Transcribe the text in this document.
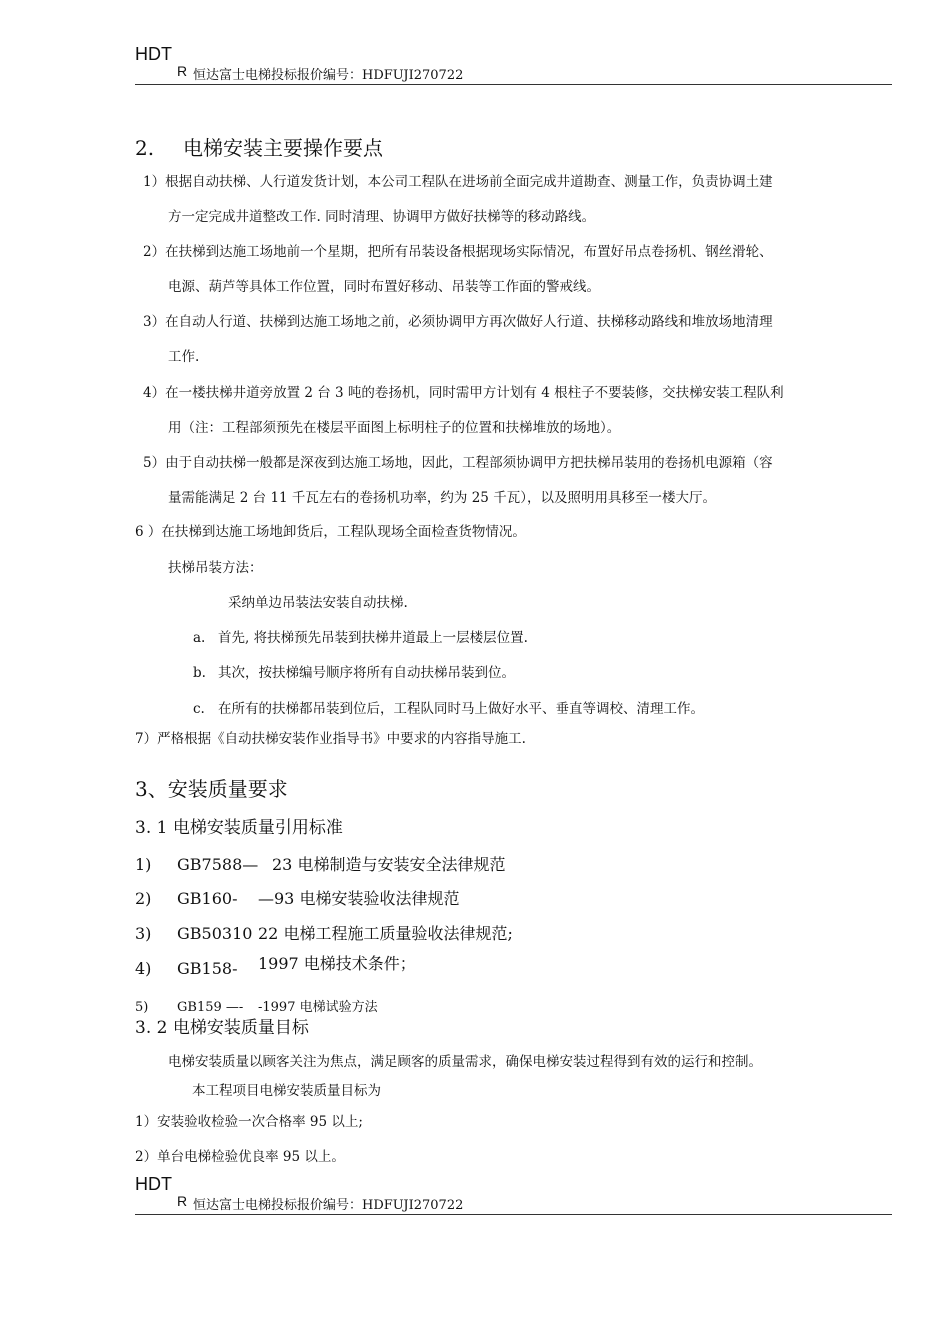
HDT
R 恒达富士电梯投标报价编号：HDFUJI270722
2. 电梯安装主要操作要点
1）根据自动扶梯、人行道发货计划，本公司工程队在进场前全面完成井道勘查、测量工作，负责协调土建
方一定完成井道整改工作. 同时清理、协调甲方做好扶梯等的移动路线。
2）在扶梯到达施工场地前一个星期，把所有吊装设备根据现场实际情况，布置好吊点卷扬机、钢丝滑轮、
电源、葫芦等具体工作位置，同时布置好移动、吊装等工作面的警戒线。
3）在自动人行道、扶梯到达施工场地之前，必须协调甲方再次做好人行道、扶梯移动路线和堆放场地清理
工作.
4）在一楼扶梯井道旁放置 2 台 3 吨的卷扬机，同时需甲方计划有 4 根柱子不要装修，交扶梯安装工程队利
用（注：工程部须预先在楼层平面图上标明柱子的位置和扶梯堆放的场地）。
5）由于自动扶梯一般都是深夜到达施工场地，因此，工程部须协调甲方把扶梯吊装用的卷扬机电源箱（容
量需能满足 2 台 11 千瓦左右的卷扬机功率，约为 25 千瓦），以及照明用具移至一楼大厅。
6 ）在扶梯到达施工场地卸货后，工程队现场全面检查货物情况。
扶梯吊装方法：
采纳单边吊装法安装自动扶梯.
a. 首先, 将扶梯预先吊装到扶梯井道最上一层楼层位置.
b. 其次，按扶梯编号顺序将所有自动扶梯吊装到位。
c. 在所有的扶梯都吊装到位后，工程队同时马上做好水平、垂直等调校、清理工作。
7）严格根据《自动扶梯安装作业指导书》中要求的内容指导施工.
3、安装质量要求
3. 1 电梯安装质量引用标准
1) GB7588— 23 电梯制造与安装安全法律规范
2) GB160- —93 电梯安装验收法律规范
3) GB50310 22 电梯工程施工质量验收法律规范;
4) GB158- 1997 电梯技术条件；
5) GB159 —- -1997 电梯试验方法
3. 2 电梯安装质量目标
电梯安装质量以顾客关注为焦点，满足顾客的质量需求，确保电梯安装过程得到有效的运行和控制。
本工程项目电梯安装质量目标为
1）安装验收检验一次合格率 95 以上;
2）单台电梯检验优良率 95 以上。
HDT
R 恒达富士电梯投标报价编号：HDFUJI270722
